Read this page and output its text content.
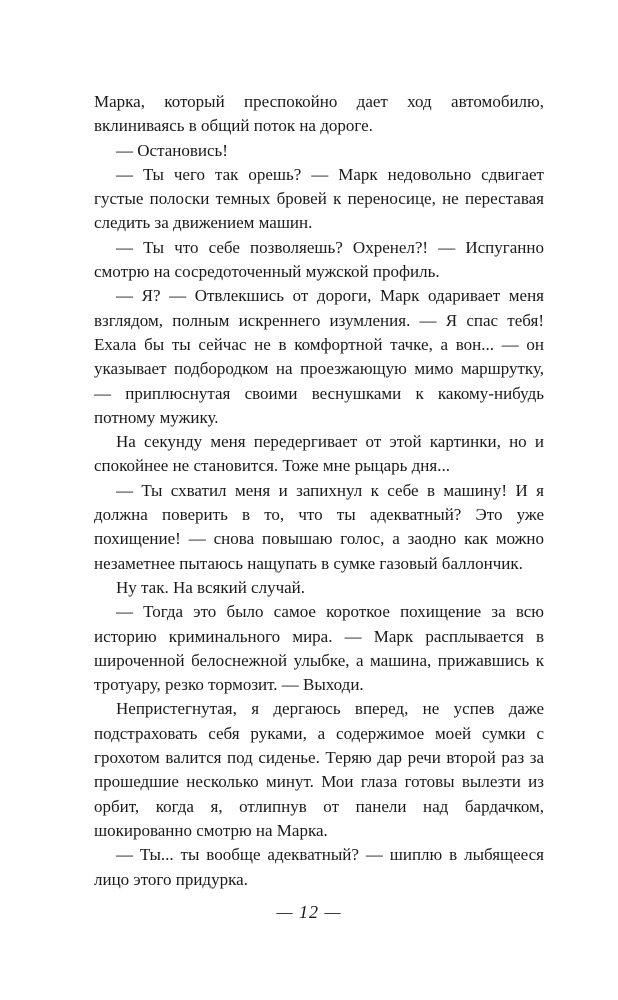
Марка, который преспокойно дает ход автомобилю, вклиниваясь в общий поток на дороге.

— Остановись!

— Ты чего так орешь? — Марк недовольно сдвигает густые полоски темных бровей к переносице, не переставая следить за движением машин.

— Ты что себе позволяешь? Охренел?! — Испуганно смотрю на сосредоточенный мужской профиль.

— Я? — Отвлекшись от дороги, Марк одаривает меня взглядом, полным искреннего изумления. — Я спас тебя! Ехала бы ты сейчас не в комфортной тачке, а вон... — он указывает подбородком на проезжающую мимо маршрутку, — приплюснутая своими веснушками к какому-нибудь потному мужику.

На секунду меня передергивает от этой картинки, но и спокойнее не становится. Тоже мне рыцарь дня...

— Ты схватил меня и запихнул к себе в машину! И я должна поверить в то, что ты адекватный? Это уже похищение! — снова повышаю голос, а заодно как можно незаметнее пытаюсь нащупать в сумке газовый баллончик.

Ну так. На всякий случай.

— Тогда это было самое короткое похищение за всю историю криминального мира. — Марк расплывается в широченной белоснежной улыбке, а машина, прижавшись к тротуару, резко тормозит. — Выходи.

Непристегнутая, я дергаюсь вперед, не успев даже подстраховать себя руками, а содержимое моей сумки с грохотом валится под сиденье. Теряю дар речи второй раз за прошедшие несколько минут. Мои глаза готовы вылезти из орбит, когда я, отлипнув от панели над бардачком, шокированно смотрю на Марка.

— Ты... ты вообще адекватный? — шиплю в лыбящееся лицо этого придурка.

— 12 —
